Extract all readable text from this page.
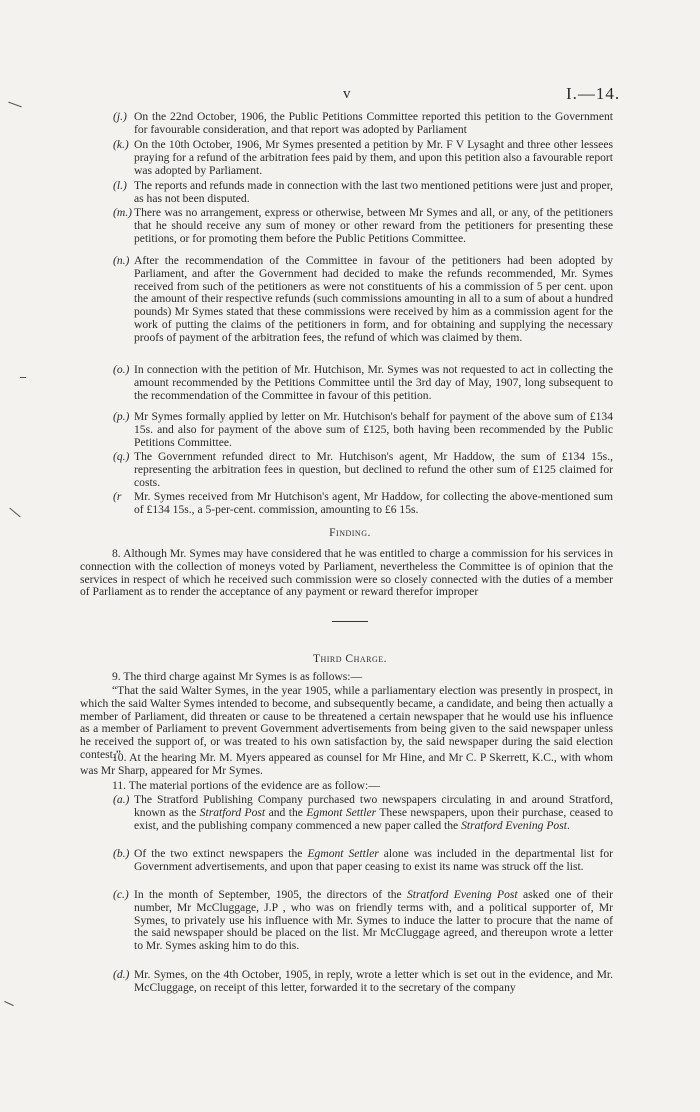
v	I.—14.
(j.) On the 22nd October, 1906, the Public Petitions Committee reported this petition to the Government for favourable consideration, and that report was adopted by Parliament
(k.) On the 10th October, 1906, Mr Symes presented a petition by Mr. F V Lysaght and three other lessees praying for a refund of the arbitration fees paid by them, and upon this petition also a favourable report was adopted by Parliament.
(l.) The reports and refunds made in connection with the last two mentioned petitions were just and proper, as has not been disputed.
(m.) There was no arrangement, express or otherwise, between Mr Symes and all, or any, of the petitioners that he should receive any sum of money or other reward from the petitioners for presenting these petitions, or for promoting them before the Public Petitions Committee.
(n.) After the recommendation of the Committee in favour of the petitioners had been adopted by Parliament, and after the Government had decided to make the refunds recommended, Mr. Symes received from such of the petitioners as were not constituents of his a commission of 5 per cent. upon the amount of their respective refunds (such commissions amounting in all to a sum of about a hundred pounds) Mr Symes stated that these commissions were received by him as a commission agent for the work of putting the claims of the petitioners in form, and for obtaining and supplying the necessary proofs of payment of the arbitration fees, the refund of which was claimed by them.
(o.) In connection with the petition of Mr. Hutchison, Mr. Symes was not requested to act in collecting the amount recommended by the Petitions Committee until the 3rd day of May, 1907, long subsequent to the recommendation of the Committee in favour of this petition.
(p.) Mr Symes formally applied by letter on Mr. Hutchison's behalf for payment of the above sum of £134 15s. and also for payment of the above sum of £125, both having been recommended by the Public Petitions Committee.
(q.) The Government refunded direct to Mr. Hutchison's agent, Mr Haddow, the sum of £134 15s., representing the arbitration fees in question, but declined to refund the other sum of £125 claimed for costs.
(r Mr. Symes received from Mr Hutchison's agent, Mr Haddow, for collecting the above-mentioned sum of £134 15s., a 5-per-cent. commission, amounting to £6 15s.
Finding.
8. Although Mr. Symes may have considered that he was entitled to charge a commission for his services in connection with the collection of moneys voted by Parliament, nevertheless the Committee is of opinion that the services in respect of which he received such commission were so closely connected with the duties of a member of Parliament as to render the acceptance of any payment or reward therefor improper
Third Charge.
9. The third charge against Mr Symes is as follows:—
“That the said Walter Symes, in the year 1905, while a parliamentary election was presently in prospect, in which the said Walter Symes intended to become, and subsequently became, a candidate, and being then actually a member of Parliament, did threaten or cause to be threatened a certain newspaper that he would use his influence as a member of Parliament to prevent Government advertisements from being given to the said newspaper unless he received the support of, or was treated to his own satisfaction by, the said newspaper during the said election contest.”
10. At the hearing Mr. M. Myers appeared as counsel for Mr Hine, and Mr C. P Skerrett, K.C., with whom was Mr Sharp, appeared for Mr Symes.
11. The material portions of the evidence are as follow:—
(a.) The Stratford Publishing Company purchased two newspapers circulating in and around Stratford, known as the Stratford Post and the Egmont Settler These newspapers, upon their purchase, ceased to exist, and the publishing company commenced a new paper called the Stratford Evening Post.
(b.) Of the two extinct newspapers the Egmont Settler alone was included in the departmental list for Government advertisements, and upon that paper ceasing to exist its name was struck off the list.
(c.) In the month of September, 1905, the directors of the Stratford Evening Post asked one of their number, Mr McCluggage, J.P , who was on friendly terms with, and a political supporter of, Mr Symes, to privately use his influence with Mr. Symes to induce the latter to procure that the name of the said newspaper should be placed on the list. Mr McCluggage agreed, and thereupon wrote a letter to Mr. Symes asking him to do this.
(d.) Mr. Symes, on the 4th October, 1905, in reply, wrote a letter which is set out in the evidence, and Mr. McCluggage, on receipt of this letter, forwarded it to the secretary of the company
